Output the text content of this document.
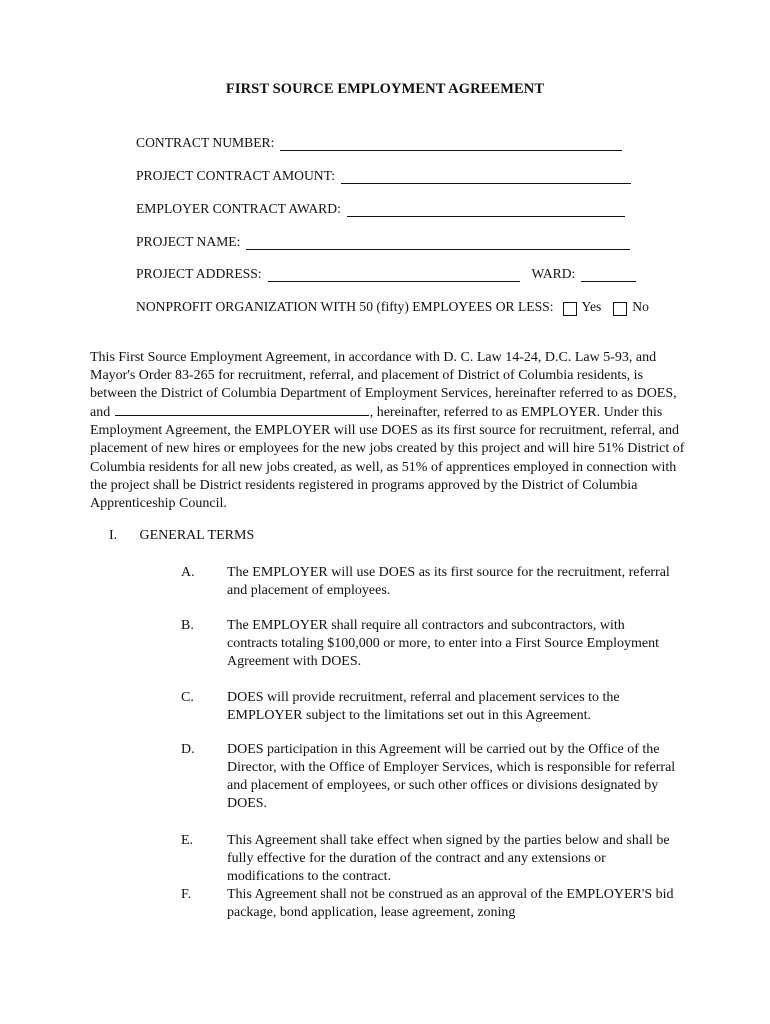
FIRST SOURCE EMPLOYMENT AGREEMENT
CONTRACT NUMBER:
PROJECT CONTRACT AMOUNT:
EMPLOYER CONTRACT AWARD:
PROJECT NAME:
PROJECT ADDRESS:	WARD:
NONPROFIT ORGANIZATION WITH 50 (fifty) EMPLOYEES OR LESS: Yes No
This First Source Employment Agreement, in accordance with D. C. Law 14-24, D.C. Law 5-93, and Mayor's Order 83-265 for recruitment, referral, and placement of District of Columbia residents, is between the District of Columbia Department of Employment Services, hereinafter referred to as DOES, and	, hereinafter, referred to as EMPLOYER. Under this Employment Agreement, the EMPLOYER will use DOES as its first source for recruitment, referral, and placement of new hires or employees for the new jobs created by this project and will hire 51% District of Columbia residents for all new jobs created, as well, as 51% of apprentices employed in connection with the project shall be District residents registered in programs approved by the District of Columbia Apprenticeship Council.
I. GENERAL TERMS
A.	The EMPLOYER will use DOES as its first source for the recruitment, referral and placement of employees.
B.	The EMPLOYER shall require all contractors and subcontractors, with contracts totaling $100,000 or more, to enter into a First Source Employment Agreement with DOES.
C.	DOES will provide recruitment, referral and placement services to the EMPLOYER subject to the limitations set out in this Agreement.
D.	DOES participation in this Agreement will be carried out by the Office of the Director, with the Office of Employer Services, which is responsible for referral and placement of employees, or such other offices or divisions designated by DOES.
E.	This Agreement shall take effect when signed by the parties below and shall be fully effective for the duration of the contract and any extensions or modifications to the contract.
F.	This Agreement shall not be construed as an approval of the EMPLOYER'S bid package, bond application, lease agreement, zoning
